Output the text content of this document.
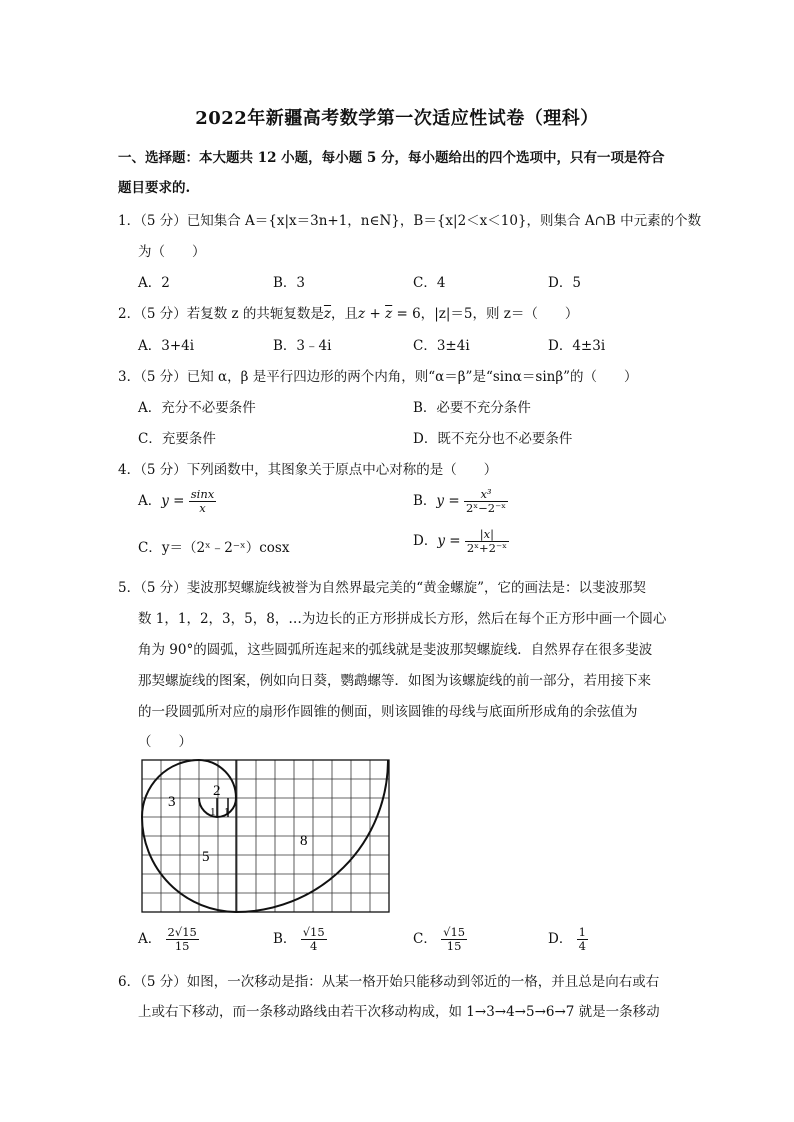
2022年新疆高考数学第一次适应性试卷（理科）
一、选择题：本大题共 12 小题，每小题 5 分，每小题给出的四个选项中，只有一项是符合
题目要求的.
1．（5 分）已知集合 A＝{x|x＝3n+1，n∈N}，B＝{x|2＜x＜10}，则集合 A∩B 中元素的个数
为（　　）
A．2	B．3	C．4	D．5
2．（5 分）若复数 z 的共轭复数是$\overline{z}$，且$z + \overline{z} = 6$，|z|＝5，则 z＝（　　）
A．3+4i	B．3﹣4i	C．3±4i	D．4±3i
3．（5 分）已知 α，β 是平行四边形的两个内角，则“α＝β”是“sinα＝sinβ”的（　　）
A．充分不必要条件	B．必要不充分条件
C．充要条件	D．既不充分也不必要条件
4．（5 分）下列函数中，其图象关于原点中心对称的是（　　）
A．$y = \frac{\sin x}{x}$	B．$y = \frac{\text{x³}}{\text{2ˣ−2⁻ˣ}}$
C．y＝（2ˣ﹣2⁻ˣ）cosx	D．$y = \frac{|x|}{\text{2ˣ+2⁻ˣ}}$
5．（5 分）斐波那契螺旋线被誉为自然界最完美的“黄金螺旋”，它的画法是：以斐波那契
数 1，1，2，3，5，8，…为边长的正方形拼成长方形，然后在每个正方形中画一个圆心
角为 90°的圆弧，这些圆弧所连起来的弧线就是斐波那契螺旋线．自然界存在很多斐波
那契螺旋线的图案，例如向日葵，鹦鹉螺等．如图为该螺旋线的前一部分，若用接下来
的一段圆弧所对应的扇形作圆锥的侧面，则该圆锥的母线与底面所形成角的余弦值为
（　　）
3
2
1 1
5
8
A． $\frac{2√15}{15}$	B． $\frac{√15}{4}$	C． $\frac{√15}{15}$	D． $\frac{1}{4}$
6．（5 分）如图，一次移动是指：从某一格开始只能移动到邻近的一格，并且总是向右或右
上或右下移动，而一条移动路线由若干次移动构成，如 1→3→4→5→6→7 就是一条移动
